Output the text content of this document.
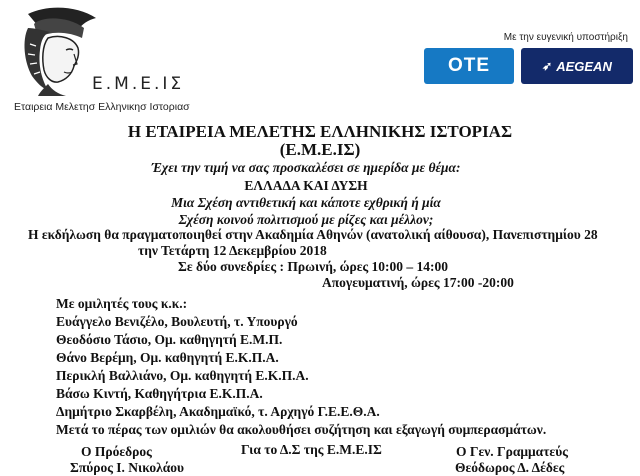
Ε.Μ.Ε.ΙΣ
Εταιρεια Μελετησ Ελληνικησ Ιστοριασ
Με την ευγενική υποστήριξη
ΟΤΕ	➶ AEGEAN
Η ΕΤΑΙΡΕΙΑ ΜΕΛΕΤΗΣ ΕΛΛΗΝΙΚΗΣ ΙΣΤΟΡΙΑΣ
(Ε.Μ.Ε.ΙΣ)
Έχει την τιμή να σας προσκαλέσει σε ημερίδα με θέμα:
ΕΛΛΑΔΑ ΚΑΙ ΔΥΣΗ
Μια Σχέση αντιθετική και κάποτε εχθρική ή μία
Σχέση κοινού πολιτισμού με ρίζες και μέλλον;
Η εκδήλωση θα πραγματοποιηθεί στην Ακαδημία Αθηνών (ανατολική αίθουσα), Πανεπιστημίου 28
την Τετάρτη 12 Δεκεμβρίου 2018
Σε δύο συνεδρίες : Πρωινή, ώρες 10:00 – 14:00
Απογευματινή, ώρες 17:00 -20:00
Με ομιλητές τους κ.κ.:
Ευάγγελο Βενιζέλο, Βουλευτή, τ. Υπουργό
Θεοδόσιο Τάσιο, Ομ. καθηγητή Ε.Μ.Π.
Θάνο Βερέμη, Ομ. καθηγητή Ε.Κ.Π.Α.
Περικλή Βαλλιάνο, Ομ. καθηγητή Ε.Κ.Π.Α.
Βάσω Κιντή, Καθηγήτρια Ε.Κ.Π.Α.
Δημήτριο Σκαρβέλη, Ακαδημαϊκό, τ. Αρχηγό Γ.Ε.Ε.Θ.Α.
Μετά το πέρας των ομιλιών θα ακολουθήσει συζήτηση και εξαγωγή συμπερασμάτων.
Για το Δ.Σ της Ε.Μ.Ε.ΙΣ
Ο Πρόεδρος
Σπύρος Ι. Νικολάου
Ο Γεν. Γραμματεύς
Θεόδωρος Δ. Δέδες
